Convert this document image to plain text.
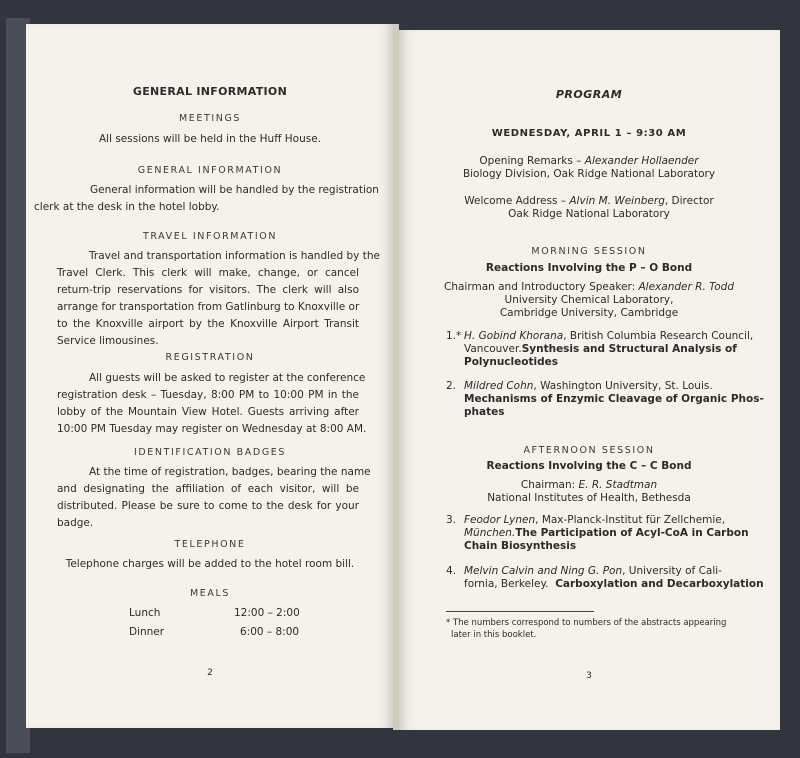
GENERAL INFORMATION
MEETINGS
All sessions will be held in the Huff House.
GENERAL INFORMATION
General information will be handled by the registration
clerk at the desk in the hotel lobby.
TRAVEL INFORMATION
Travel and transportation information is handled by the
Travel Clerk. This clerk will make, change, or cancel
return-trip reservations for visitors. The clerk will also
arrange for transportation from Gatlinburg to Knoxville or
to the Knoxville airport by the Knoxville Airport Transit
Service limousines.
REGISTRATION
All guests will be asked to register at the conference
registration desk – Tuesday, 8:00 PM to 10:00 PM in the
lobby of the Mountain View Hotel. Guests arriving after
10:00 PM Tuesday may register on Wednesday at 8:00 AM.
IDENTIFICATION BADGES
At the time of registration, badges, bearing the name
and designating the affiliation of each visitor, will be
distributed. Please be sure to come to the desk for your
badge.
TELEPHONE
Telephone charges will be added to the hotel room bill.
MEALS
Lunch	12:00 – 2:00
Dinner	6:00 – 8:00
2
PROGRAM
WEDNESDAY, APRIL 1 – 9:30 AM
Opening Remarks – Alexander Hollaender
Biology Division, Oak Ridge National Laboratory
Welcome Address – Alvin M. Weinberg, Director
Oak Ridge National Laboratory
MORNING SESSION
Reactions Involving the P – O Bond
Chairman and Introductory Speaker: Alexander R. Todd
University Chemical Laboratory,
Cambridge University, Cambridge
1.* H. Gobind Khorana, British Columbia Research Council,
Vancouver. Synthesis and Structural Analysis of
Polynucleotides
2. Mildred Cohn, Washington University, St. Louis.
Mechanisms of Enzymic Cleavage of Organic Phos-
phates
AFTERNOON SESSION
Reactions Involving the C – C Bond
Chairman: E. R. Stadtman
National Institutes of Health, Bethesda
3. Feodor Lynen, Max-Planck-Institut für Zellchemie,
München. The Participation of Acyl-CoA in Carbon
Chain Biosynthesis
4. Melvin Calvin and Ning G. Pon, University of Cali-
fornia, Berkeley. Carboxylation and Decarboxylation
* The numbers correspond to numbers of the abstracts appearing
later in this booklet.
3
